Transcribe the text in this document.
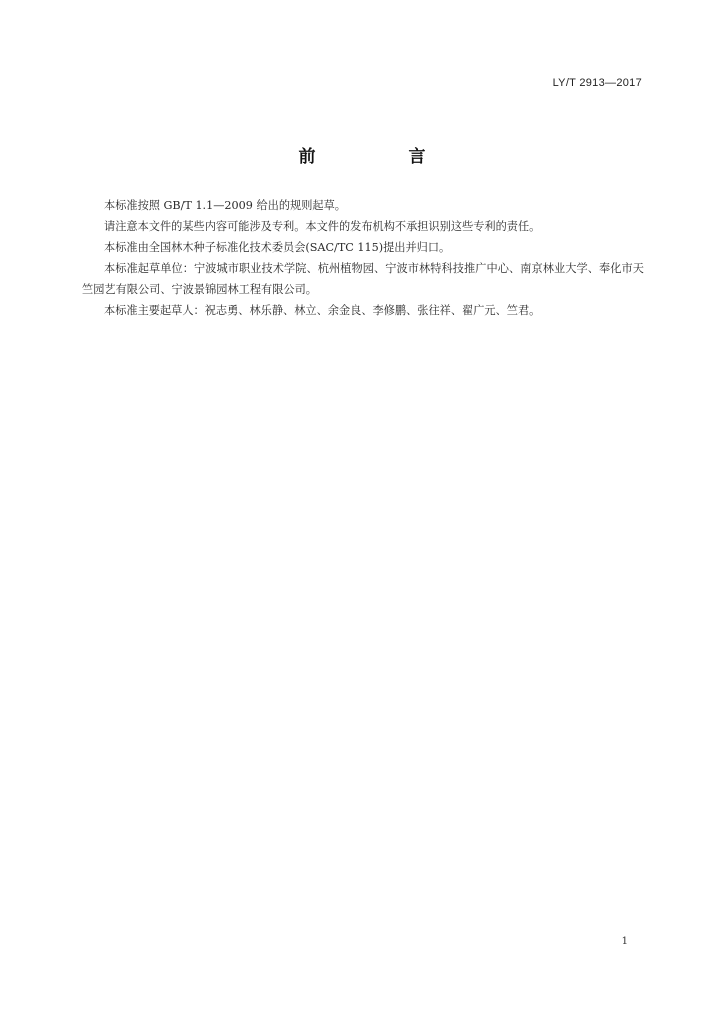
LY/T 2913—2017
前　言

本标准按照 GB/T 1.1—2009 给出的规则起草。

请注意本文件的某些内容可能涉及专利。本文件的发布机构不承担识别这些专利的责任。

本标准由全国林木种子标准化技术委员会(SAC/TC 115)提出并归口。

本标准起草单位：宁波城市职业技术学院、杭州植物园、宁波市林特科技推广中心、南京林业大学、奉化市天竺园艺有限公司、宁波景锦园林工程有限公司。

本标准主要起草人：祝志勇、林乐静、林立、余金良、李修鹏、张往祥、翟广元、竺君。

1
